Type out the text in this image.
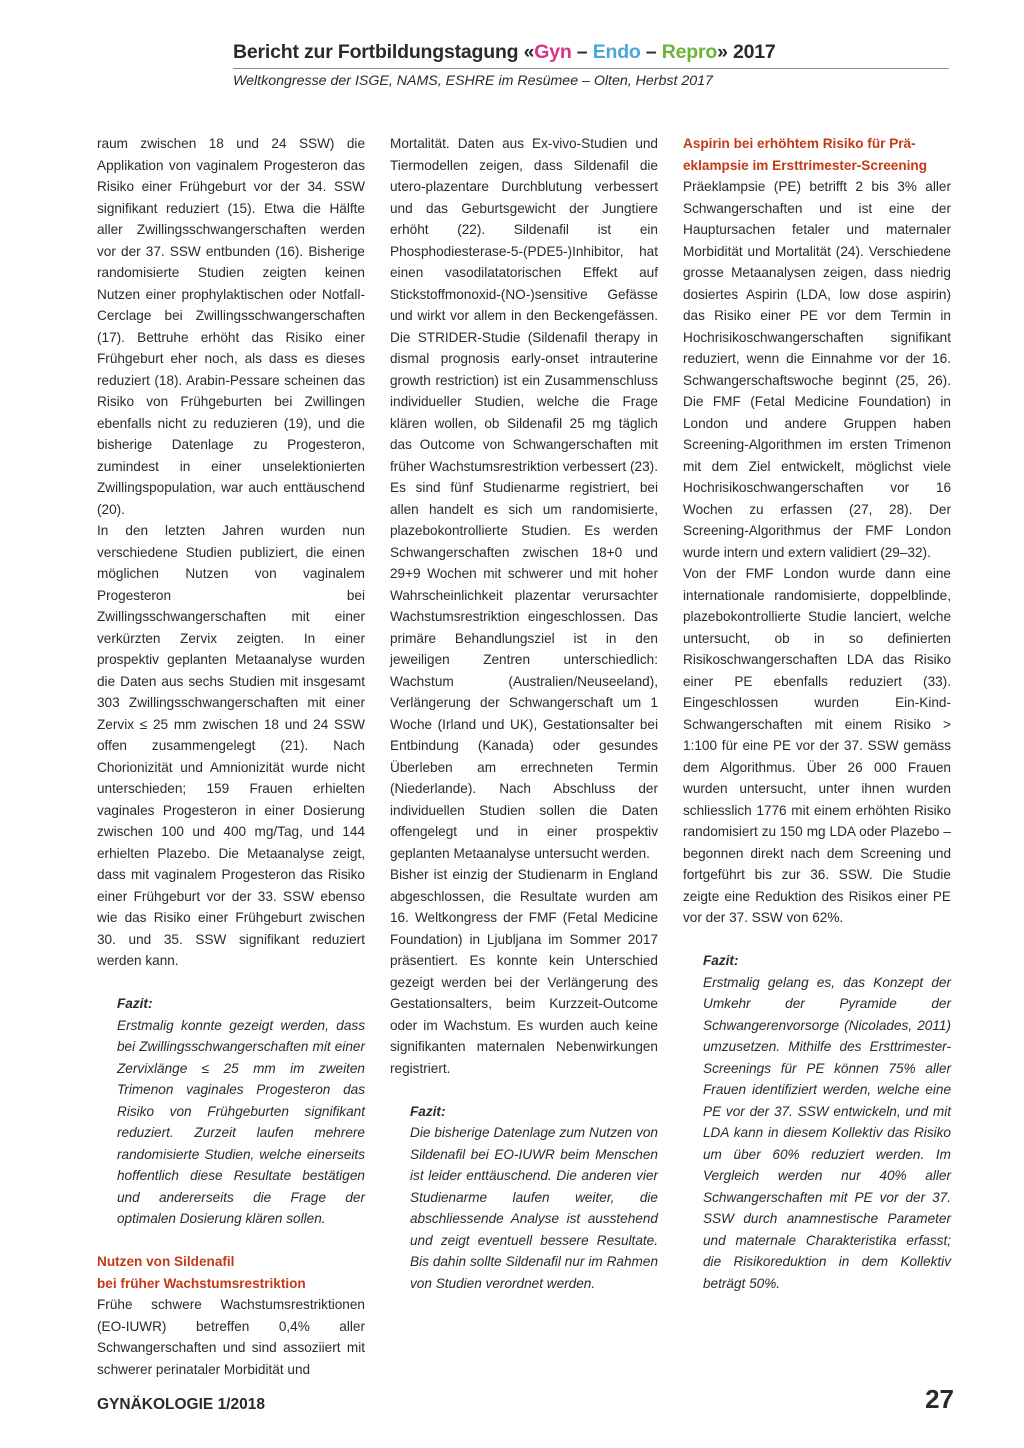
Bericht zur Fortbildungstagung «Gyn – Endo – Repro» 2017
Weltkongresse der ISGE, NAMS, ESHRE im Resümee – Olten, Herbst 2017

raum zwischen 18 und 24 SSW) die Applikation von vaginalem Progesteron das Risiko einer Frühgeburt vor der 34. SSW signifikant reduziert (15). Etwa die Hälfte aller Zwillingsschwangerschaften werden vor der 37. SSW entbunden (16). Bisherige randomisierte Studien zeigten keinen Nutzen einer prophylaktischen oder Notfall-Cerclage bei Zwillingsschwangerschaften (17). Bettruhe erhöht das Risiko einer Frühgeburt eher noch, als dass es dieses reduziert (18). Arabin-Pessare scheinen das Risiko von Frühgeburten bei Zwillingen ebenfalls nicht zu reduzieren (19), und die bisherige Datenlage zu Progesteron, zumindest in einer unselektionierten Zwillingspopulation, war auch enttäuschend (20).

In den letzten Jahren wurden nun verschiedene Studien publiziert, die einen möglichen Nutzen von vaginalem Progesteron bei Zwillingsschwangerschaften mit einer verkürzten Zervix zeigten. In einer prospektiv geplanten Metaanalyse wurden die Daten aus sechs Studien mit insgesamt 303 Zwillingsschwangerschaften mit einer Zervix ≤ 25 mm zwischen 18 und 24 SSW offen zusammengelegt (21). Nach Chorionizität und Amnionizität wurde nicht unterschieden; 159 Frauen erhielten vaginales Progesteron in einer Dosierung zwischen 100 und 400 mg/Tag, und 144 erhielten Plazebo. Die Metaanalyse zeigt, dass mit vaginalem Progesteron das Risiko einer Frühgeburt vor der 33. SSW ebenso wie das Risiko einer Frühgeburt zwischen 30. und 35. SSW signifikant reduziert werden kann.

Fazit:
Erstmalig konnte gezeigt werden, dass bei Zwillingsschwangerschaften mit einer Zervixlänge ≤ 25 mm im zweiten Trimenon vaginales Progesteron das Risiko von Frühgeburten signifikant reduziert. Zurzeit laufen mehrere randomisierte Studien, welche einerseits hoffentlich diese Resultate bestätigen und andererseits die Frage der optimalen Dosierung klären sollen.
Nutzen von Sildenafil
bei früher Wachstumsrestriktion

Frühe schwere Wachstumsrestriktionen (EO-IUWR) betreffen 0,4% aller Schwangerschaften und sind assoziiert mit schwerer perinataler Morbidität und

Mortalität. Daten aus Ex-vivo-Studien und Tiermodellen zeigen, dass Sildenafil die utero-plazentare Durchblutung verbessert und das Geburtsgewicht der Jungtiere erhöht (22). Sildenafil ist ein Phosphodiesterase-5-(PDE5-)Inhibitor, hat einen vasodilatatorischen Effekt auf Stickstoffmonoxid-(NO-)sensitive Gefässe und wirkt vor allem in den Beckengefässen. Die STRIDER-Studie (Sildenafil therapy in dismal prognosis early-onset intrauterine growth restriction) ist ein Zusammenschluss individueller Studien, welche die Frage klären wollen, ob Sildenafil 25 mg täglich das Outcome von Schwangerschaften mit früher Wachstumsrestriktion verbessert (23). Es sind fünf Studienarme registriert, bei allen handelt es sich um randomisierte, plazebokontrollierte Studien. Es werden Schwangerschaften zwischen 18+0 und 29+9 Wochen mit schwerer und mit hoher Wahrscheinlichkeit plazentar verursachter Wachstumsrestriktion eingeschlossen. Das primäre Behandlungsziel ist in den jeweiligen Zentren unterschiedlich: Wachstum (Australien/Neuseeland), Verlängerung der Schwangerschaft um 1 Woche (Irland und UK), Gestationsalter bei Entbindung (Kanada) oder gesundes Überleben am errechneten Termin (Niederlande). Nach Abschluss der individuellen Studien sollen die Daten offengelegt und in einer prospektiv geplanten Metaanalyse untersucht werden.

Bisher ist einzig der Studienarm in England abgeschlossen, die Resultate wurden am 16. Weltkongress der FMF (Fetal Medicine Foundation) in Ljubljana im Sommer 2017 präsentiert. Es konnte kein Unterschied gezeigt werden bei der Verlängerung des Gestationsalters, beim Kurzzeit-Outcome oder im Wachstum. Es wurden auch keine signifikanten maternalen Nebenwirkungen registriert.

Fazit:
Die bisherige Datenlage zum Nutzen von Sildenafil bei EO-IUWR beim Menschen ist leider enttäuschend. Die anderen vier Studienarme laufen weiter, die abschliessende Analyse ist ausstehend und zeigt eventuell bessere Resultate. Bis dahin sollte Sildenafil nur im Rahmen von Studien verordnet werden.
Aspirin bei erhöhtem Risiko für Prä-
eklampsie im Ersttrimester-Screening

Präeklampsie (PE) betrifft 2 bis 3% aller Schwangerschaften und ist eine der Hauptursachen fetaler und maternaler Morbidität und Mortalität (24). Verschiedene grosse Metaanalysen zeigen, dass niedrig dosiertes Aspirin (LDA, low dose aspirin) das Risiko einer PE vor dem Termin in Hochrisikoschwangerschaften signifikant reduziert, wenn die Einnahme vor der 16. Schwangerschaftswoche beginnt (25, 26). Die FMF (Fetal Medicine Foundation) in London und andere Gruppen haben Screening-Algorithmen im ersten Trimenon mit dem Ziel entwickelt, möglichst viele Hochrisikoschwangerschaften vor 16 Wochen zu erfassen (27, 28). Der Screening-Algorithmus der FMF London wurde intern und extern validiert (29–32).

Von der FMF London wurde dann eine internationale randomisierte, doppelblinde, plazebokontrollierte Studie lanciert, welche untersucht, ob in so definierten Risikoschwangerschaften LDA das Risiko einer PE ebenfalls reduziert (33). Eingeschlossen wurden Ein-Kind-Schwangerschaften mit einem Risiko > 1:100 für eine PE vor der 37. SSW gemäss dem Algorithmus. Über 26 000 Frauen wurden untersucht, unter ihnen wurden schliesslich 1776 mit einem erhöhten Risiko randomisiert zu 150 mg LDA oder Plazebo – begonnen direkt nach dem Screening und fortgeführt bis zur 36. SSW. Die Studie zeigte eine Reduktion des Risikos einer PE vor der 37. SSW von 62%.

Fazit:
Erstmalig gelang es, das Konzept der Umkehr der Pyramide der Schwangerenvorsorge (Nicolades, 2011) umzusetzen. Mithilfe des Ersttrimester-Screenings für PE können 75% aller Frauen identifiziert werden, welche eine PE vor der 37. SSW entwickeln, und mit LDA kann in diesem Kollektiv das Risiko um über 60% reduziert werden. Im Vergleich werden nur 40% aller Schwangerschaften mit PE vor der 37. SSW durch anamnestische Parameter und maternale Charakteristika erfasst; die Risikoreduktion in dem Kollektiv beträgt 50%.
GYNÄKOLOGIE 1/2018	27
